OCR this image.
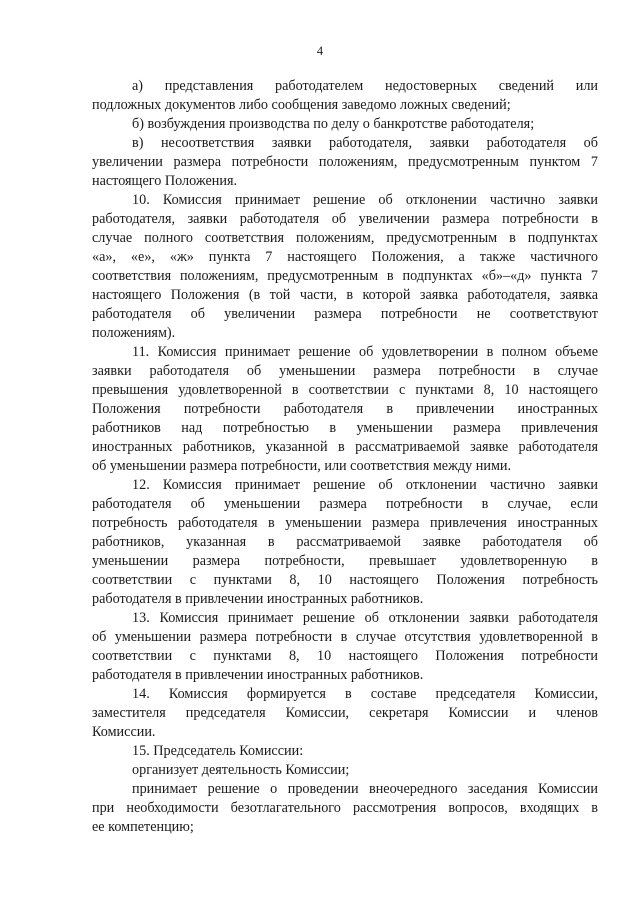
4

а) представления работодателем недостоверных сведений или
подложных документов либо сообщения заведомо ложных сведений;

б) возбуждения производства по делу о банкротстве работодателя;

в) несоответствия заявки работодателя, заявки работодателя об
увеличении размера потребности положениям, предусмотренным пунктом 7
настоящего Положения.

10. Комиссия принимает решение об отклонении частично заявки
работодателя, заявки работодателя об увеличении размера потребности в
случае полного соответствия положениям, предусмотренным в подпунктах
«а», «е», «ж» пункта 7 настоящего Положения, а также частичного
соответствия положениям, предусмотренным в подпунктах «б»–«д» пункта 7
настоящего Положения (в той части, в которой заявка работодателя, заявка
работодателя об увеличении размера потребности не соответствуют
положениям).

11. Комиссия принимает решение об удовлетворении в полном объеме
заявки работодателя об уменьшении размера потребности в случае
превышения удовлетворенной в соответствии с пунктами 8, 10 настоящего
Положения потребности работодателя в привлечении иностранных
работников над потребностью в уменьшении размера привлечения
иностранных работников, указанной в рассматриваемой заявке работодателя
об уменьшении размера потребности, или соответствия между ними.

12. Комиссия принимает решение об отклонении частично заявки
работодателя об уменьшении размера потребности в случае, если
потребность работодателя в уменьшении размера привлечения иностранных
работников, указанная в рассматриваемой заявке работодателя об
уменьшении размера потребности, превышает удовлетворенную в
соответствии с пунктами 8, 10 настоящего Положения потребность
работодателя в привлечении иностранных работников.

13. Комиссия принимает решение об отклонении заявки работодателя
об уменьшении размера потребности в случае отсутствия удовлетворенной в
соответствии с пунктами 8, 10 настоящего Положения потребности
работодателя в привлечении иностранных работников.

14. Комиссия формируется в составе председателя Комиссии,
заместителя председателя Комиссии, секретаря Комиссии и членов
Комиссии.

15. Председатель Комиссии:

организует деятельность Комиссии;

принимает решение о проведении внеочередного заседания Комиссии
при необходимости безотлагательного рассмотрения вопросов, входящих в
ее компетенцию;
